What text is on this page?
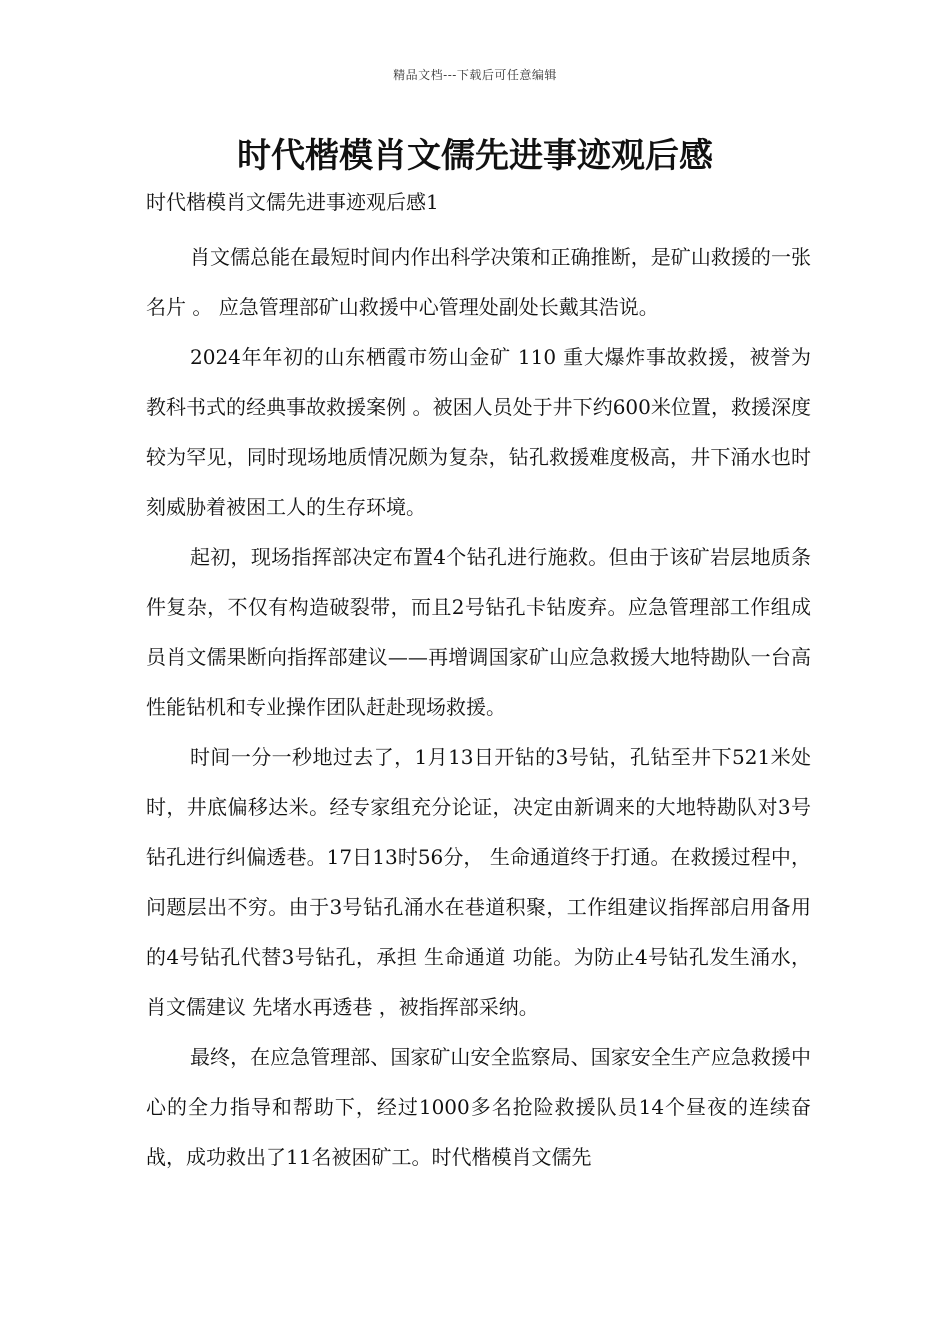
精品文档---下载后可任意编辑
时代楷模肖文儒先进事迹观后感

时代楷模肖文儒先进事迹观后感1

肖文儒总能在最短时间内作出科学决策和正确推断，是矿山救援的一张 名片 。 应急管理部矿山救援中心管理处副处长戴其浩说。

2024年年初的山东栖霞市笏山金矿 110 重大爆炸事故救援，被誉为 教科书式的经典事故救援案例 。被困人员处于井下约600米位置，救援深度较为罕见，同时现场地质情况颇为复杂，钻孔救援难度极高，井下涌水也时刻威胁着被困工人的生存环境。

起初，现场指挥部决定布置4个钻孔进行施救。但由于该矿岩层地质条件复杂，不仅有构造破裂带，而且2号钻孔卡钻废弃。应急管理部工作组成员肖文儒果断向指挥部建议——再增调国家矿山应急救援大地特勘队一台高性能钻机和专业操作团队赶赴现场救援。

时间一分一秒地过去了，1月13日开钻的3号钻，孔钻至井下521米处时，井底偏移达米。经专家组充分论证，决定由新调来的大地特勘队对3号钻孔进行纠偏透巷。17日13时56分， 生命通道终于打通。在救援过程中，问题层出不穷。由于3号钻孔涌水在巷道积聚，工作组建议指挥部启用备用的4号钻孔代替3号钻孔，承担 生命通道 功能。为防止4号钻孔发生涌水，肖文儒建议 先堵水再透巷 ，被指挥部采纳。

最终，在应急管理部、国家矿山安全监察局、国家安全生产应急救援中心的全力指导和帮助下，经过1000多名抢险救援队员14个昼夜的连续奋战，成功救出了11名被困矿工。时代楷模肖文儒先
